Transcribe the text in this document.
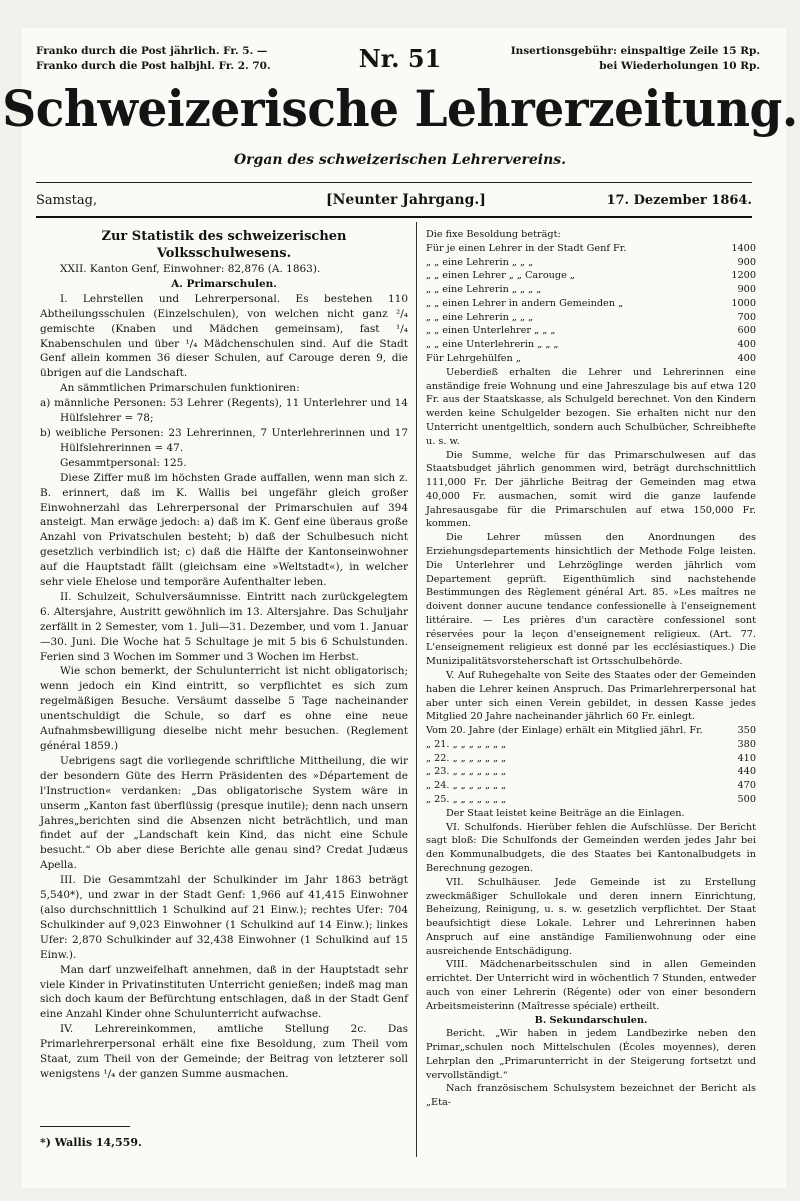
Franko durch die Post jährlich. Fr. 5. —
Franko durch die Post halbjhl. Fr. 2. 70.	Nr. 51	Insertionsgebühr: einspaltige Zeile 15 Rp.
bei Wiederholungen 10 Rp.
Schweizerische Lehrerzeitung.
Organ des schweizerischen Lehrervereins.
Samstag,	[Neunter Jahrgang.]	17. Dezember 1864.

Zur Statistik des schweizerischen

Volksschulwesens.

XXII. Kanton Genf, Einwohner: 82,876 (A. 1863).

A. Primarschulen.

I. Lehrstellen und Lehrerpersonal. Es bestehen 110 Abtheilungsschulen (Einzelschulen), von welchen nicht ganz ²/₄ gemischte (Knaben und Mädchen gemeinsam), fast ¹/₄ Knabenschulen und über ¹/₄ Mädchenschulen sind. Auf die Stadt Genf allein kommen 36 dieser Schulen, auf Carouge deren 9, die übrigen auf die Landschaft.

An sämmtlichen Primarschulen funktioniren:

a) männliche Personen: 53 Lehrer (Regents), 11 Unterlehrer und 14 Hülfslehrer = 78;

b) weibliche Personen: 23 Lehrerinnen, 7 Unterlehrerinnen und 17 Hülfslehrerinnen = 47.

Gesammtpersonal: 125.

Diese Ziffer muß im höchsten Grade auffallen, wenn man sich z. B. erinnert, daß im K. Wallis bei ungefähr gleich großer Einwohnerzahl das Lehrerpersonal der Primarschulen auf 394 ansteigt. Man erwäge jedoch: a) daß im K. Genf eine überaus große Anzahl von Privatschulen besteht; b) daß der Schulbesuch nicht gesetzlich verbindlich ist; c) daß die Hälfte der Kantonseinwohner auf die Hauptstadt fällt (gleichsam eine »Weltstadt«), in welcher sehr viele Ehelose und temporäre Aufenthalter leben.

II. Schulzeit, Schulversäumnisse. Eintritt nach zurückgelegtem 6. Altersjahre, Austritt gewöhnlich im 13. Altersjahre. Das Schuljahr zerfällt in 2 Semester, vom 1. Juli—31. Dezember, und vom 1. Januar—30. Juni. Die Woche hat 5 Schultage je mit 5 bis 6 Schulstunden. Ferien sind 3 Wochen im Sommer und 3 Wochen im Herbst.

Wie schon bemerkt, der Schulunterricht ist nicht obligatorisch; wenn jedoch ein Kind eintritt, so verpflichtet es sich zum regelmäßigen Besuche. Versäumt dasselbe 5 Tage nacheinander unentschuldigt die Schule, so darf es ohne eine neue Aufnahmsbewilligung dieselbe nicht mehr besuchen. (Reglement général 1859.)

Uebrigens sagt die vorliegende schriftliche Mittheilung, die wir der besondern Güte des Herrn Präsidenten des »Département de l'Instruction« verdanken: „Das obligatorische System wäre in unserm „Kanton fast überflüssig (presque inutile); denn nach unsern Jahres„berichten sind die Absenzen nicht beträchtlich, und man findet auf der „Landschaft kein Kind, das nicht eine Schule besucht.“ Ob aber diese Berichte alle genau sind? Credat Judæus Apella.

III. Die Gesammtzahl der Schulkinder im Jahr 1863 beträgt 5,540*), und zwar in der Stadt Genf: 1,966 auf 41,415 Einwohner (also durchschnittlich 1 Schulkind auf 21 Einw.); rechtes Ufer: 704 Schulkinder auf 9,023 Einwohner (1 Schulkind auf 14 Einw.); linkes Ufer: 2,870 Schulkinder auf 32,438 Einwohner (1 Schulkind auf 15 Einw.).

Man darf unzweifelhaft annehmen, daß in der Hauptstadt sehr viele Kinder in Privatinstituten Unterricht genießen; indeß mag man sich doch kaum der Befürchtung entschlagen, daß in der Stadt Genf eine Anzahl Kinder ohne Schulunterricht aufwachse.

IV. Lehrereinkommen, amtliche Stellung 2c. Das Primarlehrerpersonal erhält eine fixe Besoldung, zum Theil vom Staat, zum Theil von der Gemeinde; der Beitrag von letzterer soll wenigstens ¹/₄ der ganzen Summe ausmachen.

Die fixe Besoldung beträgt:

Für je einen Lehrer in der Stadt Genf Fr.	1400
„ „ eine Lehrerin „ „ „	900
„ „ einen Lehrer „ „ Carouge „	1200
„ „ eine Lehrerin „ „ „ „	900
„ „ einen Lehrer in andern Gemeinden „	1000
„ „ eine Lehrerin „ „ „	700
„ „ einen Unterlehrer „ „ „	600
„ „ eine Unterlehrerin „ „ „	400
Für Lehrgehülfen „	400

Ueberdieß erhalten die Lehrer und Lehrerinnen eine anständige freie Wohnung und eine Jahreszulage bis auf etwa 120 Fr. aus der Staatskasse, als Schulgeld berechnet. Von den Kindern werden keine Schulgelder bezogen. Sie erhalten nicht nur den Unterricht unentgeltlich, sondern auch Schulbücher, Schreibhefte u. s. w.

Die Summe, welche für das Primarschulwesen auf das Staatsbudget jährlich genommen wird, beträgt durchschnittlich 111,000 Fr. Der jährliche Beitrag der Gemeinden mag etwa 40,000 Fr. ausmachen, somit wird die ganze laufende Jahresausgabe für die Primarschulen auf etwa 150,000 Fr. kommen.

Die Lehrer müssen den Anordnungen des Erziehungsdepartements hinsichtlich der Methode Folge leisten. Die Unterlehrer und Lehrzöglinge werden jährlich vom Departement geprüft. Eigenthümlich sind nachstehende Bestimmungen des Règlement général Art. 85. »Les maîtres ne doivent donner aucune tendance confessionelle à l'enseignement littéraire. — Les prières d'un caractère confessionel sont réservées pour la leçon d'enseignement religieux. (Art. 77. L'enseignement religieux est donné par les ecclésiastiques.) Die Munizipalitätsvorsteherschaft ist Ortsschulbehörde.

V. Auf Ruhegehalte von Seite des Staates oder der Gemeinden haben die Lehrer keinen Anspruch. Das Primarlehrerpersonal hat aber unter sich einen Verein gebildet, in dessen Kasse jedes Mitglied 20 Jahre nacheinander jährlich 60 Fr. einlegt.

Vom 20. Jahre (der Einlage) erhält ein Mitglied jährl. Fr.	350
„ 21. „ „ „ „ „ „ „	380
„ 22. „ „ „ „ „ „ „	410
„ 23. „ „ „ „ „ „ „	440
„ 24. „ „ „ „ „ „ „	470
„ 25. „ „ „ „ „ „ „	500

Der Staat leistet keine Beiträge an die Einlagen.

VI. Schulfonds. Hierüber fehlen die Aufschlüsse. Der Bericht sagt bloß: Die Schulfonds der Gemeinden werden jedes Jahr bei den Kommunalbudgets, die des Staates bei Kantonalbudgets in Berechnung gezogen.

VII. Schulhäuser. Jede Gemeinde ist zu Erstellung zweckmäßiger Schullokale und deren innern Einrichtung, Beheizung, Reinigung, u. s. w. gesetzlich verpflichtet. Der Staat beaufsichtigt diese Lokale. Lehrer und Lehrerinnen haben Anspruch auf eine anständige Familienwohnung oder eine ausreichende Entschädigung.

VIII. Mädchenarbeitsschulen sind in allen Gemeinden errichtet. Der Unterricht wird in wöchentlich 7 Stunden, entweder auch von einer Lehrerin (Régente) oder von einer besondern Arbeitsmeisterinn (Maîtresse spéciale) ertheilt.

B. Sekundarschulen.

Bericht. „Wir haben in jedem Landbezirke neben den Primar„schulen noch Mittelschulen (Écoles moyennes), deren Lehrplan den „Primarunterricht in der Steigerung fortsetzt und vervollständigt.“

Nach französischem Schulsystem bezeichnet der Bericht als „Eta-

*) Wallis 14,559.
